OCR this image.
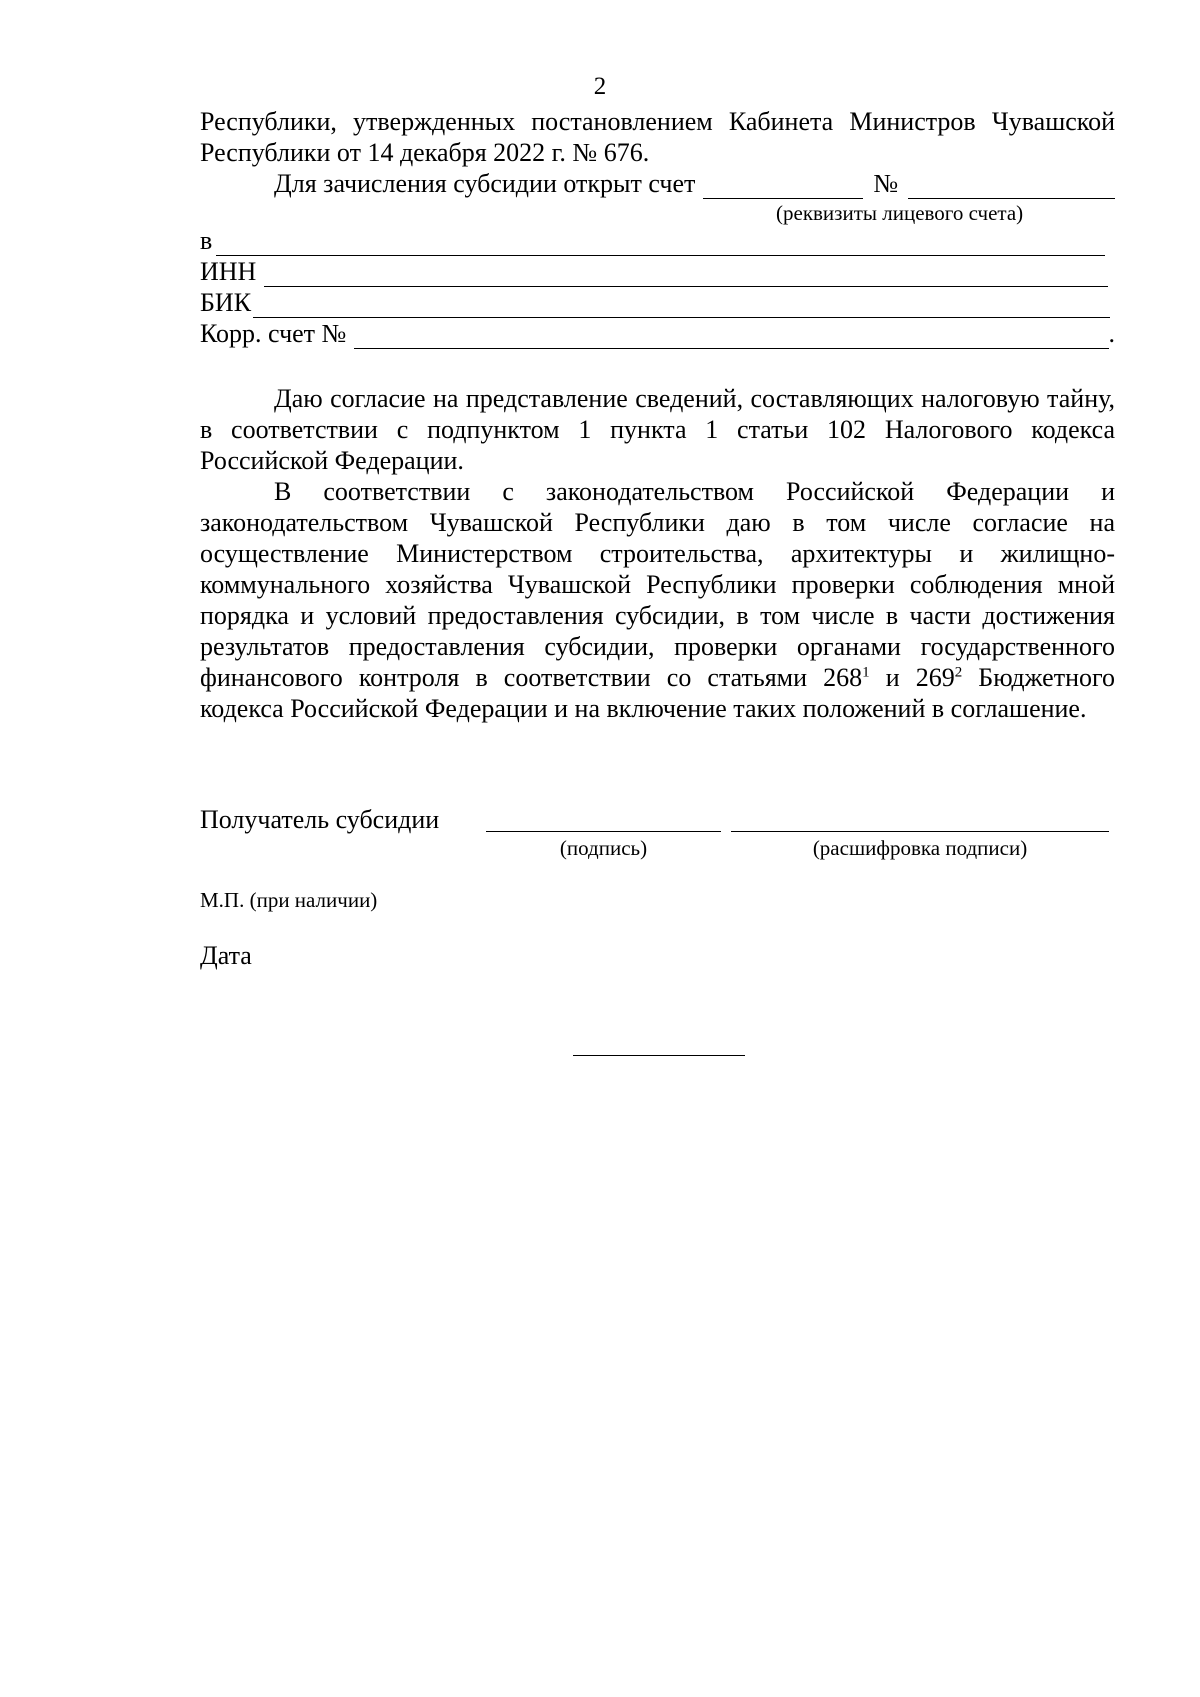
2
Республики, утвержденных постановлением Кабинета Министров Чувашской
Республики от 14 декабря 2022 г. № 676.
Для зачисления субсидии открыт счет	№
(реквизиты лицевого счета)
в
ИНН
БИК
Корр. счет №	.

Даю согласие на представление сведений, составляющих налоговую тайну, в соответствии с подпунктом 1 пункта 1 статьи 102 Налогового кодекса Российской Федерации.

В соответствии с законодательством Российской Федерации и законодательством Чувашской Республики даю в том числе согласие на осуществление Министерством строительства, архитектуры и жилищно-коммунального хозяйства Чувашской Республики проверки соблюдения мной порядка и условий предоставления субсидии, в том числе в части достижения результатов предоставления субсидии, проверки органами государственного финансового контроля в соответствии со статьями $268^1$ и $269^2$ Бюджетного кодекса Российской Федерации и на включение таких положений в соглашение.

Получатель субсидии
(подпись)	(расшифровка подписи)
М.П. (при наличии)
Дата
